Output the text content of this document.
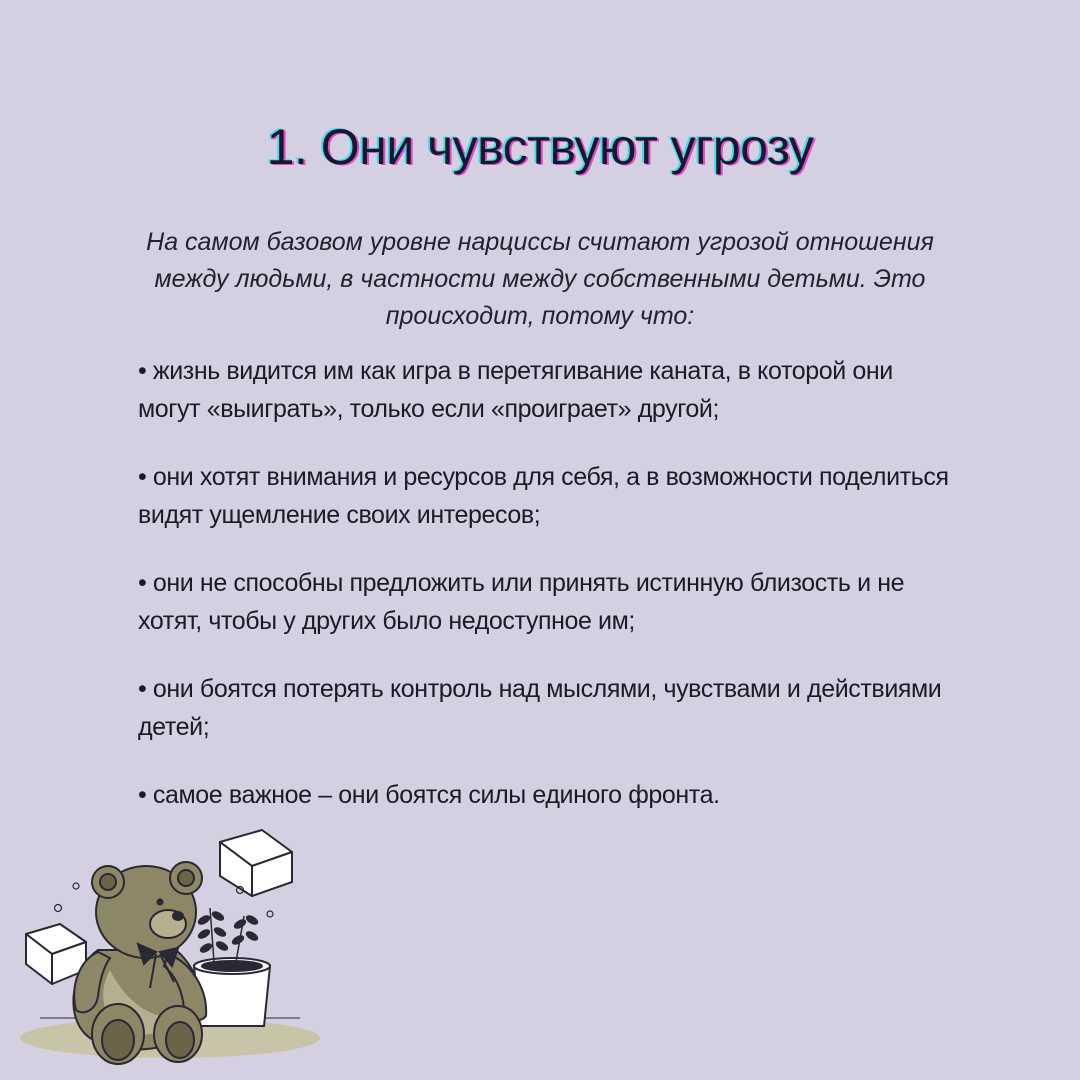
1. Они чувствуют угрозу

На самом базовом уровне нарциссы считают угрозой отношения между людьми, в частности между собственными детьми. Это происходит, потому что:

• жизнь видится им как игра в перетягивание каната, в которой они могут «выиграть», только если «проиграет» другой;
• они хотят внимания и ресурсов для себя, а в возможности поделиться видят ущемление своих интересов;
• они не способны предложить или принять истинную близость и не хотят, чтобы у других было недоступное им;
• они боятся потерять контроль над мыслями, чувствами и действиями детей;
• самое важное – они боятся силы единого фронта.
